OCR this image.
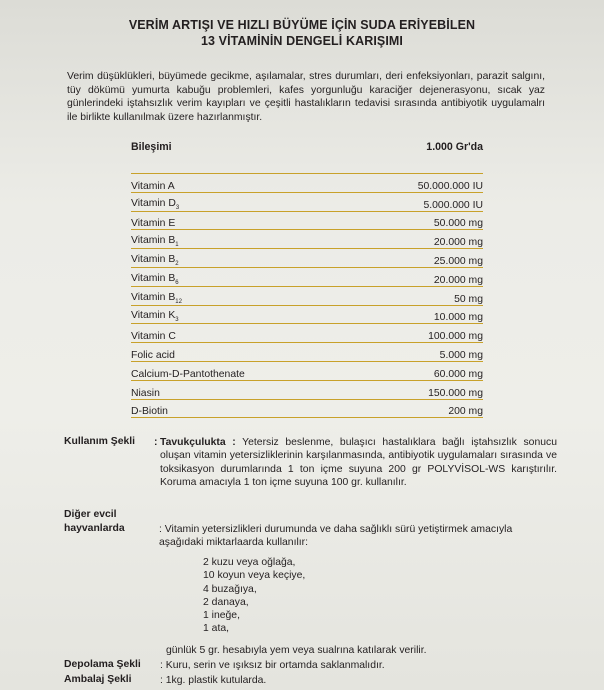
VERİM ARTIŞI VE HIZLI BÜYÜME İÇİN SUDA ERİYEBİLEN
13 VİTAMİNİN DENGELİ KARIŞIMI
Verim düşüklükleri, büyümede gecikme, aşılamalar, stres durumları, deri enfeksiyonları, parazit salgını, tüy dökümü yumurta kabuğu problemleri, kafes yorgunluğu karaciğer dejenerasyonu, sıcak yaz günlerindeki iştahsızlık verim kayıpları ve çeşitli hastalıkların tedavisi sırasında antibiyotik uygulamalrı ile birlikte kullanılmak üzere hazırlanmıştır.
Bileşimi	1.000 Gr'da
Vitamin A	50.000.000 IU
Vitamin $D_3$	5.000.000 IU
Vitamin E	50.000 mg
Vitamin $B_1$	20.000 mg
Vitamin $B_2$	25.000 mg
Vitamin $B_6$	20.000 mg
Vitamin $B_{12}$	50 mg
Vitamin $K_3$	10.000 mg
Vitamin C	100.000 mg
Folic acid	5.000 mg
Calcium-D-Pantothenate	60.000 mg
Niasin	150.000 mg
D-Biotin	200 mg
Kullanım Şekli : Tavukçulukta : Yetersiz beslenme, bulaşıcı hastalıklara bağlı iştahsızlık sonucu oluşan vitamin yetersizliklerinin karşılanmasında, antibiyotik uygulamaları sırasında ve toksikasyon durumlarında 1 ton içme suyuna 200 gr POLYVİSOL-WS karıştırılır. Koruma amacıyla 1 ton içme suyuna 100 gr. kullanılır.
Diğer evcil
hayvanlarda	: Vitamin yetersizlikleri durumunda ve daha sağlıklı sürü yetiştirmek amacıyla aşağıdaki miktarlaarda kullanılır:
2 kuzu veya oğlağa,
10 koyun veya keçiye,
4 buzağıya,
2 danaya,
1 ineğe,
1 ata,
günlük 5 gr. hesabıyla yem veya sualrına katılarak verilir.
Depolama Şekli : Kuru, serin ve ışıksız bir ortamda saklanmalıdır.
Ambalaj Şekli	: 1kg. plastik kutularda.
